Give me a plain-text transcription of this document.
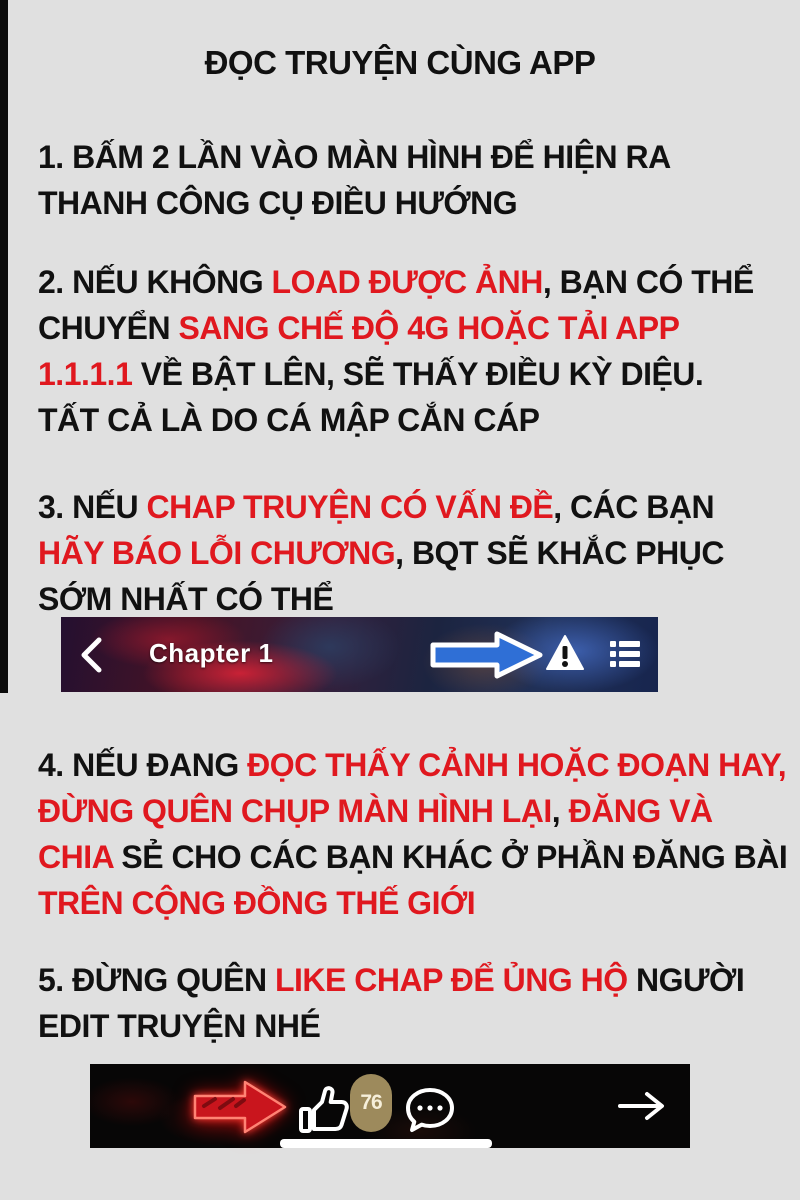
ĐỌC TRUYỆN CÙNG APP
1. BẤM 2 LẦN VÀO MÀN HÌNH ĐỂ HIỆN RA
THANH CÔNG CỤ ĐIỀU HƯỚNG
2. NẾU KHÔNG LOAD ĐƯỢC ẢNH, BẠN CÓ THỂ
CHUYỂN SANG CHẾ ĐỘ 4G HOẶC TẢI APP
1.1.1.1 VỀ BẬT LÊN, SẼ THẤY ĐIỀU KỲ DIỆU.
TẤT CẢ LÀ DO CÁ MẬP CẮN CÁP
3. NẾU CHAP TRUYỆN CÓ VẤN ĐỀ, CÁC BẠN
HÃY BÁO LỖI CHƯƠNG, BQT SẼ KHẮC PHỤC
SỚM NHẤT CÓ THỂ
4. NẾU ĐANG ĐỌC THẤY CẢNH HOẶC ĐOẠN HAY,
ĐỪNG QUÊN CHỤP MÀN HÌNH LẠI, ĐĂNG VÀ
CHIA SẺ CHO CÁC BẠN KHÁC Ở PHẦN ĐĂNG BÀI
TRÊN CỘNG ĐỒNG THẾ GIỚI
5. ĐỪNG QUÊN LIKE CHAP ĐỂ ỦNG HỘ NGƯỜI
EDIT TRUYỆN NHÉ
Chapter 1
76
